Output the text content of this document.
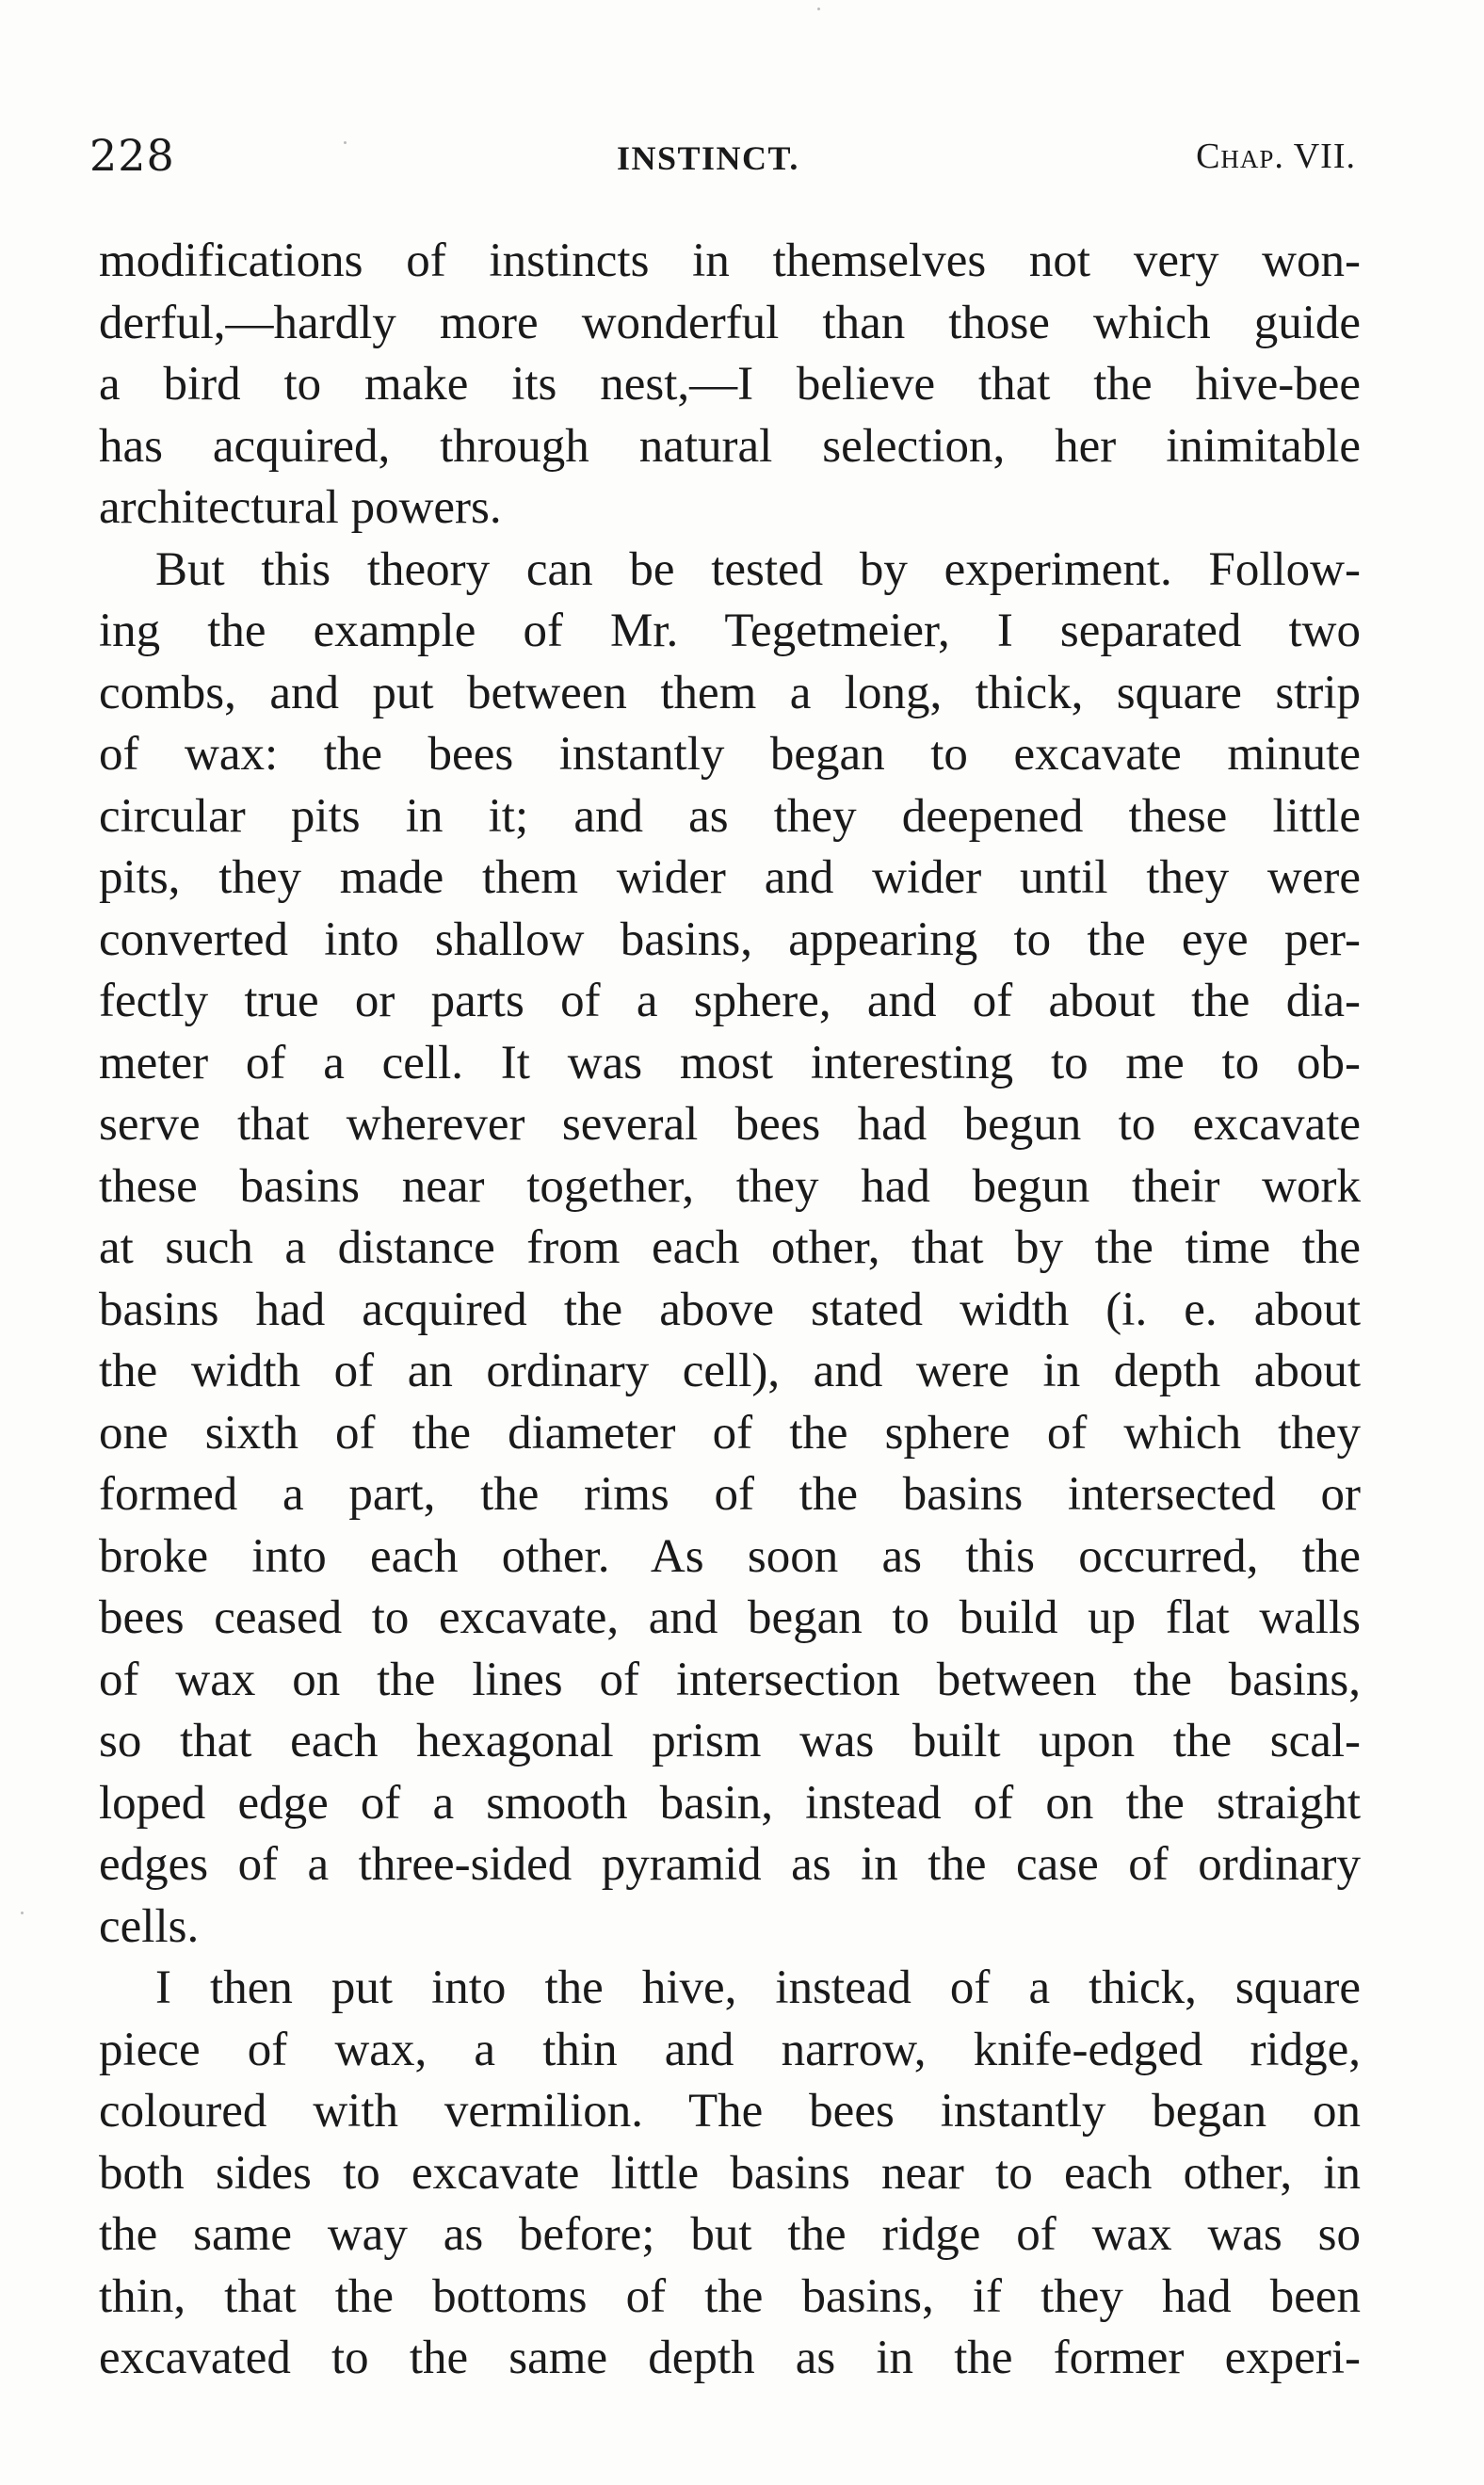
228	INSTINCT.	Chap. VII.
modifications of instincts in themselves not very won-
derful,—hardly more wonderful than those which guide
a bird to make its nest,—I believe that the hive-bee
has acquired, through natural selection, her inimitable
architectural powers.
But this theory can be tested by experiment. Follow-
ing the example of Mr. Tegetmeier, I separated two
combs, and put between them a long, thick, square strip
of wax: the bees instantly began to excavate minute
circular pits in it; and as they deepened these little
pits, they made them wider and wider until they were
converted into shallow basins, appearing to the eye per-
fectly true or parts of a sphere, and of about the dia-
meter of a cell. It was most interesting to me to ob-
serve that wherever several bees had begun to excavate
these basins near together, they had begun their work
at such a distance from each other, that by the time the
basins had acquired the above stated width (i. e. about
the width of an ordinary cell), and were in depth about
one sixth of the diameter of the sphere of which they
formed a part, the rims of the basins intersected or
broke into each other. As soon as this occurred, the
bees ceased to excavate, and began to build up flat walls
of wax on the lines of intersection between the basins,
so that each hexagonal prism was built upon the scal-
loped edge of a smooth basin, instead of on the straight
edges of a three-sided pyramid as in the case of ordinary
cells.
I then put into the hive, instead of a thick, square
piece of wax, a thin and narrow, knife-edged ridge,
coloured with vermilion. The bees instantly began on
both sides to excavate little basins near to each other, in
the same way as before; but the ridge of wax was so
thin, that the bottoms of the basins, if they had been
excavated to the same depth as in the former experi-
